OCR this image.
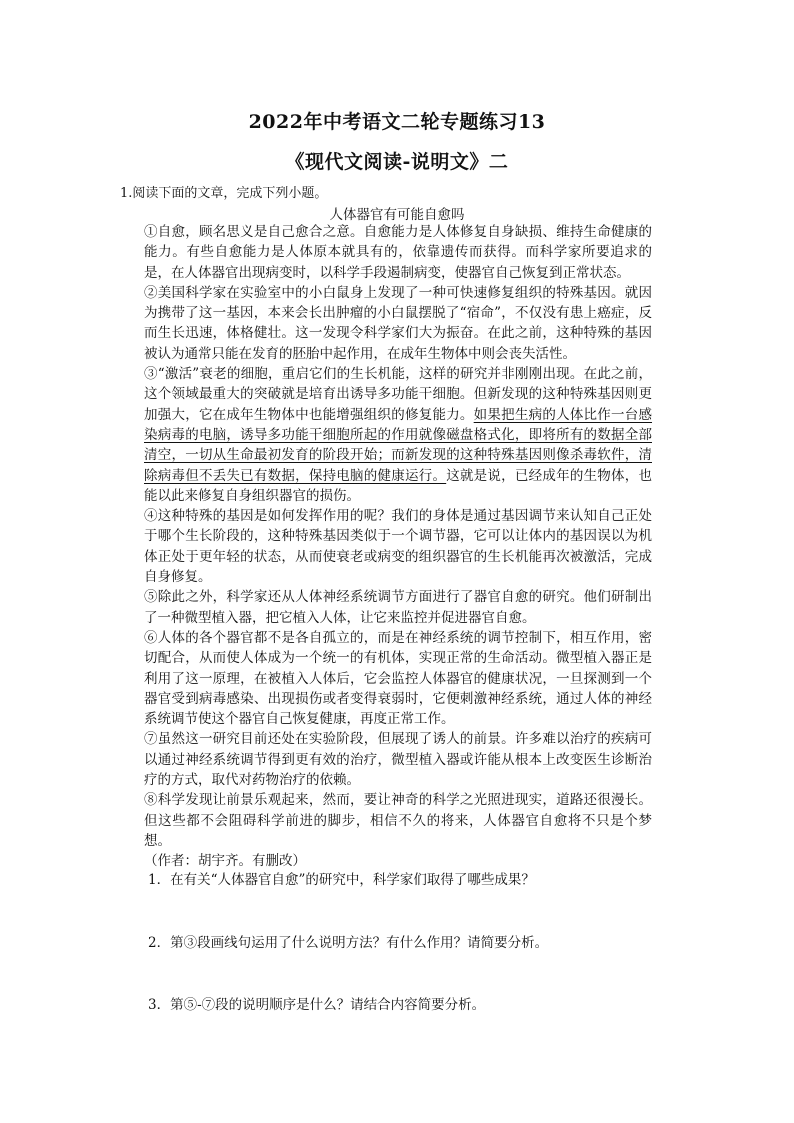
2022年中考语文二轮专题练习13
《现代文阅读-说明文》二
1.阅读下面的文章，完成下列小题。
人体器官有可能自愈吗

①自愈，顾名思义是自己愈合之意。自愈能力是人体修复自身缺损、维持生命健康的能力。有些自愈能力是人体原本就具有的，依靠遗传而获得。而科学家所要追求的是，在人体器官出现病变时，以科学手段遏制病变，使器官自己恢复到正常状态。

②美国科学家在实验室中的小白鼠身上发现了一种可快速修复组织的特殊基因。就因为携带了这一基因，本来会长出肿瘤的小白鼠摆脱了“宿命”，不仅没有患上癌症，反而生长迅速，体格健壮。这一发现令科学家们大为振奋。在此之前，这种特殊的基因被认为通常只能在发育的胚胎中起作用，在成年生物体中则会丧失活性。

③“激活”衰老的细胞，重启它们的生长机能，这样的研究并非刚刚出现。在此之前，这个领域最重大的突破就是培育出诱导多功能干细胞。但新发现的这种特殊基因则更加强大，它在成年生物体中也能增强组织的修复能力。如果把生病的人体比作一台感染病毒的电脑，诱导多功能干细胞所起的作用就像磁盘格式化，即将所有的数据全部清空，一切从生命最初发育的阶段开始；而新发现的这种特殊基因则像杀毒软件，清除病毒但不丢失已有数据，保持电脑的健康运行。这就是说，已经成年的生物体，也能以此来修复自身组织器官的损伤。

④这种特殊的基因是如何发挥作用的呢？我们的身体是通过基因调节来认知自己正处于哪个生长阶段的，这种特殊基因类似于一个调节器，它可以让体内的基因误以为机体正处于更年轻的状态，从而使衰老或病变的组织器官的生长机能再次被激活，完成自身修复。

⑤除此之外，科学家还从人体神经系统调节方面进行了器官自愈的研究。他们研制出了一种微型植入器，把它植入人体，让它来监控并促进器官自愈。

⑥人体的各个器官都不是各自孤立的，而是在神经系统的调节控制下，相互作用，密切配合，从而使人体成为一个统一的有机体，实现正常的生命活动。微型植入器正是利用了这一原理，在被植入人体后，它会监控人体器官的健康状况，一旦探测到一个器官受到病毒感染、出现损伤或者变得衰弱时，它便刺激神经系统，通过人体的神经系统调节使这个器官自己恢复健康，再度正常工作。

⑦虽然这一研究目前还处在实验阶段，但展现了诱人的前景。许多难以治疗的疾病可以通过神经系统调节得到更有效的治疗，微型植入器或许能从根本上改变医生诊断治疗的方式，取代对药物治疗的依赖。

⑧科学发现让前景乐观起来，然而，要让神奇的科学之光照进现实，道路还很漫长。但这些都不会阻碍科学前进的脚步，相信不久的将来，人体器官自愈将不只是个梦想。

（作者：胡宇齐。有删改）

1．在有关“人体器官自愈”的研究中，科学家们取得了哪些成果？
2．第③段画线句运用了什么说明方法？有什么作用？请简要分析。
3．第⑤-⑦段的说明顺序是什么？请结合内容简要分析。
